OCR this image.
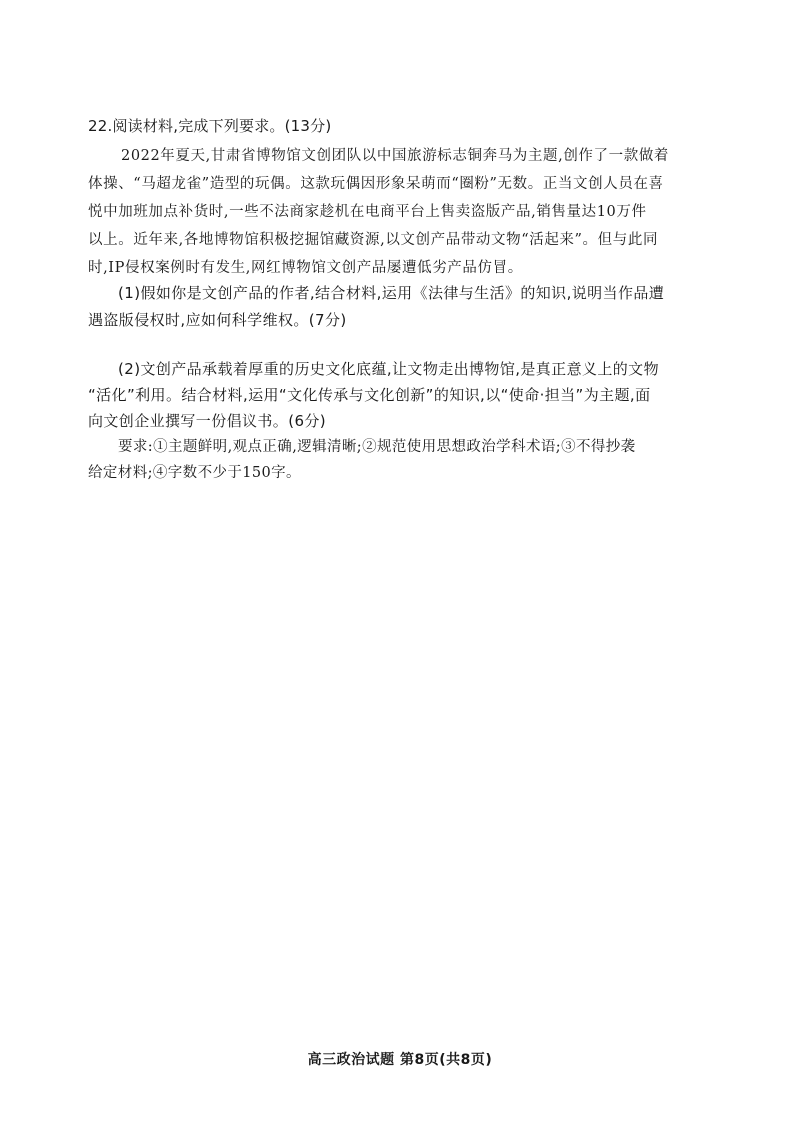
22.阅读材料,完成下列要求。(13分)
2022年夏天,甘肃省博物馆文创团队以中国旅游标志铜奔马为主题,创作了一款做着
体操、“马超龙雀”造型的玩偶。这款玩偶因形象呆萌而“圈粉”无数。正当文创人员在喜
悦中加班加点补货时,一些不法商家趁机在电商平台上售卖盗版产品,销售量达10万件
以上。近年来,各地博物馆积极挖掘馆藏资源,以文创产品带动文物“活起来”。但与此同
时,IP侵权案例时有发生,网红博物馆文创产品屡遭低劣产品仿冒。
(1)假如你是文创产品的作者,结合材料,运用《法律与生活》的知识,说明当作品遭
遇盗版侵权时,应如何科学维权。(7分)
(2)文创产品承载着厚重的历史文化底蕴,让文物走出博物馆,是真正意义上的文物
“活化”利用。结合材料,运用“文化传承与文化创新”的知识,以“使命·担当”为主题,面
向文创企业撰写一份倡议书。(6分)
要求:①主题鲜明,观点正确,逻辑清晰;②规范使用思想政治学科术语;③不得抄袭
给定材料;④字数不少于150字。
高三政治试题 第8页(共8页)
